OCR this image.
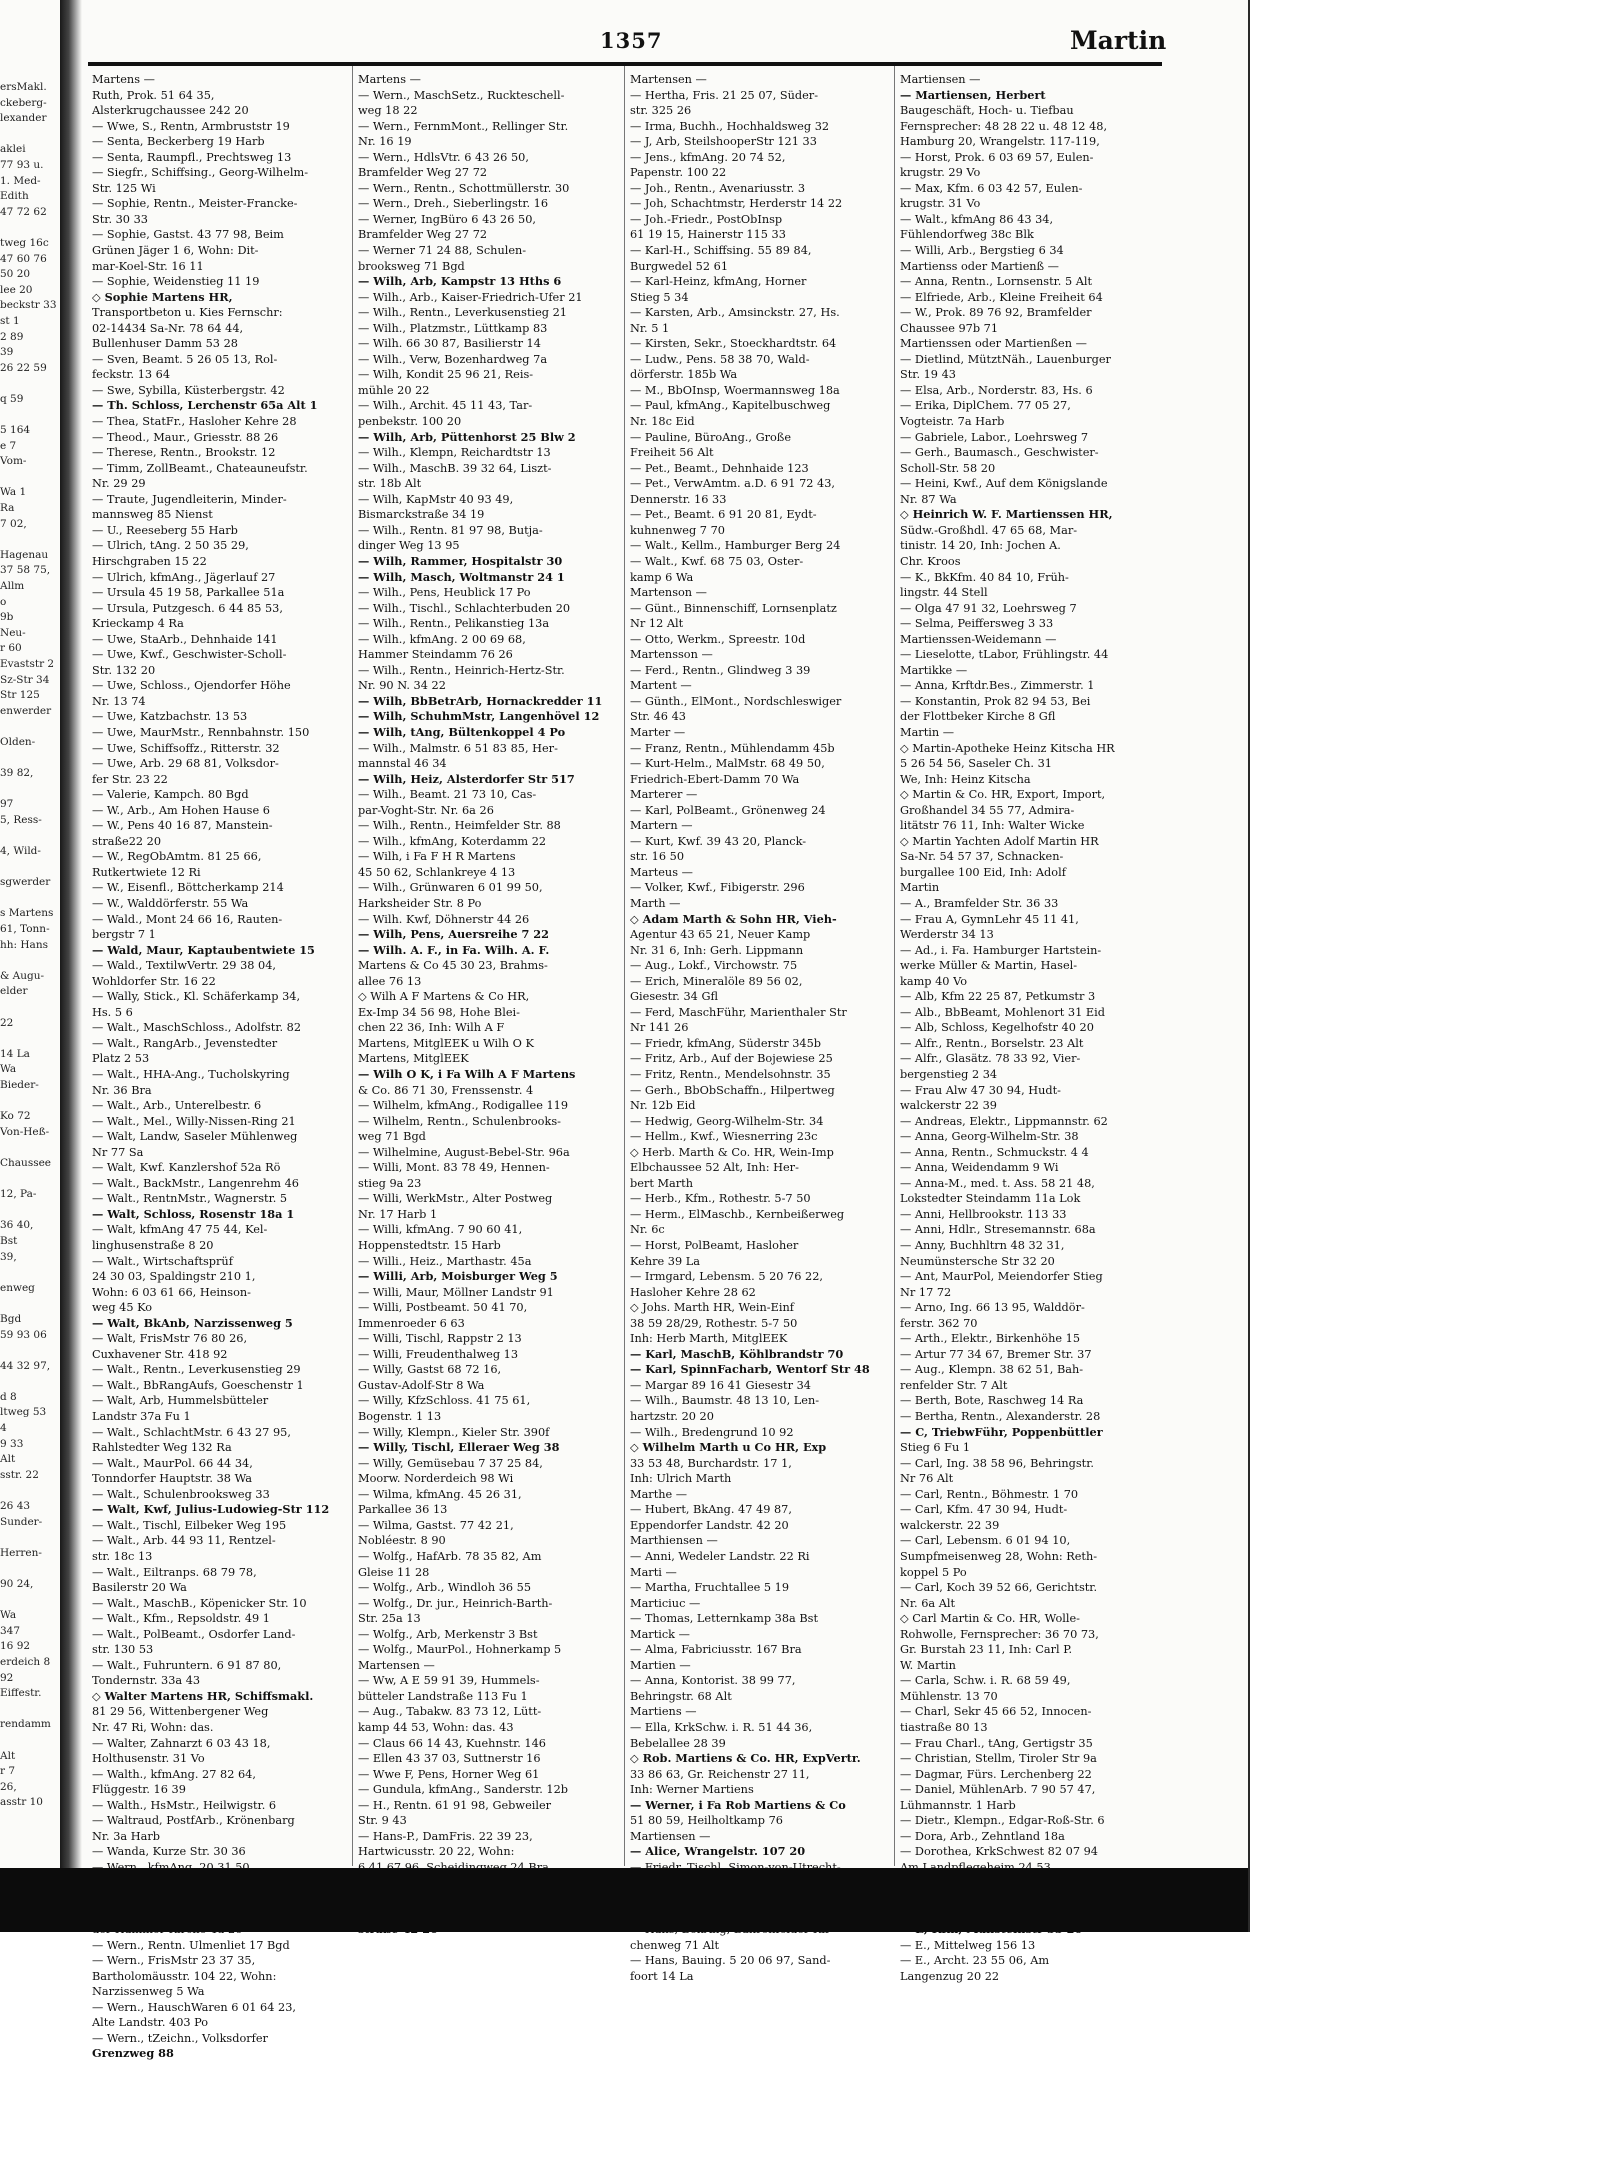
ersMakl.
ckeberg-
lexander

aklei
77 93 u.
1. Med-
Edith
47 72 62

tweg 16c
47 60 76
50 20
lee 20
beckstr 33
st 1
2 89
39
26 22 59

q 59

5 164
e 7
Vom-

Wa 1
Ra
7 02,

Hagenau
37 58 75,
Allm
o
9b
Neu-
r 60
Evaststr 2
Sz-Str 34
Str 125
enwerder

Olden-

39 82,

97
5, Ress-

4, Wild-

sgwerder

s Martens
61, Tonn-
hh: Hans

& Augu-
elder

22

14 La
Wa
Bieder-

Ko 72
Von-Heß-

Chaussee

12, Pa-

36 40,
Bst
39,

enweg

Bgd
59 93 06

44 32 97,

d 8
ltweg 53
4
9 33
Alt
sstr. 22

26 43
Sunder-

Herren-

90 24,

Wa
347
16 92
erdeich 8
92
Eiffestr.

rendamm

Alt
r 7
26,
asstr 10
1357	Martin
Martens —
Ruth, Prok. 51 64 35,
Alsterkrugchaussee 242 20
— Wwe, S., Rentn, Armbruststr 19
— Senta, Beckerberg 19 Harb
— Senta, Raumpfl., Prechtsweg 13
— Siegfr., Schiffsing., Georg-Wilhelm-
Str. 125 Wi
— Sophie, Rentn., Meister-Francke-
Str. 30 33
— Sophie, Gastst. 43 77 98, Beim
Grünen Jäger 1 6, Wohn: Dit-
mar-Koel-Str. 16 11
— Sophie, Weidenstieg 11 19
◇ Sophie Martens HR,
Transportbeton u. Kies Fernschr:
02-14434 Sa-Nr. 78 64 44,
Bullenhuser Damm 53 28
— Sven, Beamt. 5 26 05 13, Rol-
feckstr. 13 64
— Swe, Sybilla, Küsterbergstr. 42
— Th. Schloss, Lerchenstr 65a Alt 1
— Thea, StatFr., Hasloher Kehre 28
— Theod., Maur., Griesstr. 88 26
— Therese, Rentn., Brookstr. 12
— Timm, ZollBeamt., Chateauneufstr.
Nr. 29 29
— Traute, Jugendleiterin, Minder-
mannsweg 85 Nienst
— U., Reeseberg 55 Harb
— Ulrich, tAng. 2 50 35 29,
Hirschgraben 15 22
— Ulrich, kfmAng., Jägerlauf 27
— Ursula 45 19 58, Parkallee 51a
— Ursula, Putzgesch. 6 44 85 53,
Krieckamp 4 Ra
— Uwe, StaArb., Dehnhaide 141
— Uwe, Kwf., Geschwister-Scholl-
Str. 132 20
— Uwe, Schloss., Ojendorfer Höhe
Nr. 13 74
— Uwe, Katzbachstr. 13 53
— Uwe, MaurMstr., Rennbahnstr. 150
— Uwe, Schiffsoffz., Ritterstr. 32
— Uwe, Arb. 29 68 81, Volksdor-
fer Str. 23 22
— Valerie, Kampch. 80 Bgd
— W., Arb., Am Hohen Hause 6
— W., Pens 40 16 87, Manstein-
straße22 20
— W., RegObAmtm. 81 25 66,
Rutkertwiete 12 Ri
— W., Eisenfl., Böttcherkamp 214
— W., Walddörferstr. 55 Wa
— Wald., Mont 24 66 16, Rauten-
bergstr 7 1
— Wald, Maur, Kaptaubentwiete 15
— Wald., TextilwVertr. 29 38 04,
Wohldorfer Str. 16 22
— Wally, Stick., Kl. Schäferkamp 34,
Hs. 5 6
— Walt., MaschSchloss., Adolfstr. 82
— Walt., RangArb., Jevenstedter
Platz 2 53
— Walt., HHA-Ang., Tucholskyring
Nr. 36 Bra
— Walt., Arb., Unterelbestr. 6
— Walt., Mel., Willy-Nissen-Ring 21
— Walt, Landw, Saseler Mühlenweg
Nr 77 Sa
— Walt, Kwf. Kanzlershof 52a Rö
— Walt., BackMstr., Langenrehm 46
— Walt., RentnMstr., Wagnerstr. 5
— Walt, Schloss, Rosenstr 18a 1
— Walt, kfmAng 47 75 44, Kel-
linghusenstraße 8 20
— Walt., Wirtschaftsprüf
24 30 03, Spaldingstr 210 1,
Wohn: 6 03 61 66, Heinson-
weg 45 Ko
— Walt, BkAnb, Narzissenweg 5
— Walt, FrisMstr 76 80 26,
Cuxhavener Str. 418 92
— Walt., Rentn., Leverkusenstieg 29
— Walt., BbRangAufs, Goeschenstr 1
— Walt, Arb, Hummelsbütteler
Landstr 37a Fu 1
— Walt., SchlachtMstr. 6 43 27 95,
Rahlstedter Weg 132 Ra
— Walt., MaurPol. 66 44 34,
Tonndorfer Hauptstr. 38 Wa
— Walt., Schulenbrooksweg 33
— Walt, Kwf, Julius-Ludowieg-Str 112
— Walt., Tischl, Eilbeker Weg 195
— Walt., Arb. 44 93 11, Rentzel-
str. 18c 13
— Walt., Eiltranps. 68 79 78,
Basilerstr 20 Wa
— Walt., MaschB., Köpenicker Str. 10
— Walt., Kfm., Repsoldstr. 49 1
— Walt., PolBeamt., Osdorfer Land-
str. 130 53
— Walt., Fuhruntern. 6 91 87 80,
Tondernstr. 33a 43
◇ Walter Martens HR, Schiffsmakl.
81 29 56, Wittenbergener Weg
Nr. 47 Ri, Wohn: das.
— Walter, Zahnarzt 6 03 43 18,
Holthusenstr. 31 Vo
— Walth., kfmAng. 27 82 64,
Flüggestr. 16 39
— Walth., HsMstr., Heilwigstr. 6
— Waltraud, PostfArb., Krönenbarg
Nr. 3a Harb
— Wanda, Kurze Str. 30 36
— Wern., Rentn. Ulmenliet 17 Bgd
— Wern., FrisMstr 23 37 35,
Bartholomäusstr. 104 22, Wohn:
Narzissenweg 5 Wa
— Wern., HauschWaren 6 01 64 23,
Alte Landstr. 403 Po
— Wern., tZeichn., Volksdorfer
Grenzweg 88
Martens —
— Wern., MaschSetz., Ruckteschell-
weg 18 22
— Wern., FernmMont., Rellinger Str.
Nr. 16 19
— Wern., HdlsVtr. 6 43 26 50,
Bramfelder Weg 27 72
— Wern., Rentn., Schottmüllerstr. 30
— Wern., Dreh., Sieberlingstr. 16
— Werner, IngBüro 6 43 26 50,
Bramfelder Weg 27 72
— Werner 71 24 88, Schulen-
brooksweg 71 Bgd
— Wilh, Arb, Kampstr 13 Hths 6
— Wilh., Arb., Kaiser-Friedrich-Ufer 21
— Wilh., Rentn., Leverkusenstieg 21
— Wilh., Platzmstr., Lüttkamp 83
— Wilh. 66 30 87, Basilierstr 14
— Wilh., Verw, Bozenhardweg 7a
— Wilh, Kondit 25 96 21, Reis-
mühle 20 22
— Wilh., Archit. 45 11 43, Tar-
penbekstr. 100 20
— Wilh, Arb, Püttenhorst 25 Blw 2
— Wilh., Klempn, Reichardtstr 13
— Wilh., MaschB. 39 32 64, Liszt-
str. 18b Alt
— Wilh, KapMstr 40 93 49,
Bismarckstraße 34 19
— Wilh., Rentn. 81 97 98, Butja-
dinger Weg 13 95
— Wilh, Rammer, Hospitalstr 30
— Wilh, Masch, Woltmanstr 24 1
— Wilh., Pens, Heublick 17 Po
— Wilh., Tischl., Schlachterbuden 20
— Wilh., Rentn., Pelikanstieg 13a
— Wilh., kfmAng. 2 00 69 68,
Hammer Steindamm 76 26
— Wilh., Rentn., Heinrich-Hertz-Str.
Nr. 90 N. 34 22
— Wilh, BbBetrArb, Hornackredder 11
— Wilh, SchuhmMstr, Langenhövel 12
— Wilh, tAng, Bültenkoppel 4 Po
— Wilh., Malmstr. 6 51 83 85, Her-
mannstal 46 34
— Wilh, Heiz, Alsterdorfer Str 517
— Wilh., Beamt. 21 73 10, Cas-
par-Voght-Str. Nr. 6a 26
— Wilh., Rentn., Heimfelder Str. 88
— Wilh., kfmAng, Koterdamm 22
— Wilh, i Fa F H R Martens
45 50 62, Schlankreye 4 13
— Wilh., Grünwaren 6 01 99 50,
Harksheider Str. 8 Po
— Wilh. Kwf, Döhnerstr 44 26
— Wilh, Pens, Auersreihe 7 22
— Wilh. A. F., in Fa. Wilh. A. F.
Martens & Co 45 30 23, Brahms-
allee 76 13
◇ Wilh A F Martens & Co HR,
Ex-Imp 34 56 98, Hohe Blei-
chen 22 36, Inh: Wilh A F
Martens, MitglEEK u Wilh O K
Martens, MitglEEK
— Wilh O K, i Fa Wilh A F Martens
& Co. 86 71 30, Frenssenstr. 4
— Wilhelm, kfmAng., Rodigallee 119
— Wilhelm, Rentn., Schulenbrooks-
weg 71 Bgd
— Wilhelmine, August-Bebel-Str. 96a
— Willi, Mont. 83 78 49, Hennen-
stieg 9a 23
— Willi, WerkMstr., Alter Postweg
Nr. 17 Harb 1
— Willi, kfmAng. 7 90 60 41,
Hoppenstedtstr. 15 Harb
— Willi., Heiz., Marthastr. 45a
— Willi, Arb, Moisburger Weg 5
— Willi, Maur, Möllner Landstr 91
— Willi, Postbeamt. 50 41 70,
Immenroeder 6 63
— Willi, Tischl, Rappstr 2 13
— Willi, Freudenthalweg 13
— Willy, Gastst 68 72 16,
Gustav-Adolf-Str 8 Wa
— Willy, KfzSchloss. 41 75 61,
Bogenstr. 1 13
— Willy, Klempn., Kieler Str. 390f
— Willy, Tischl, Elleraer Weg 38
— Willy, Gemüsebau 7 37 25 84,
Moorw. Norderdeich 98 Wi
— Wilma, kfmAng. 45 26 31,
Parkallee 36 13
— Wilma, Gastst. 77 42 21,
Nobléestr. 8 90
— Wolfg., HafArb. 78 35 82, Am
Gleise 11 28
— Wolfg., Arb., Windloh 36 55
— Wolfg., Dr. jur., Heinrich-Barth-
Str. 25a 13
— Wolfg., Arb, Merkenstr 3 Bst
— Wolfg., MaurPol., Hohnerkamp 5
Martensen —
— Ww, A E 59 91 39, Hummels-
bütteler Landstraße 113 Fu 1
— Aug., Tabakw. 83 73 12, Lütt-
kamp 44 53, Wohn: das. 43
— Claus 66 14 43, Kuehnstr. 146
— Ellen 43 37 03, Suttnerstr 16
— Wwe F, Pens, Horner Weg 61
— Gundula, kfmAng., Sanderstr. 12b
— H., Rentn. 61 91 98, Gebweiler
Str. 9 43
— Hans-P., DamFris. 22 39 23,
Hartwicusstr. 20 22, Wohn:
Martensen —
— Hertha, Fris. 21 25 07, Süder-
str. 325 26
— Irma, Buchh., Hochhaldsweg 32
— J, Arb, SteilshooperStr 121 33
— Jens., kfmAng. 20 74 52,
Papenstr. 100 22
— Joh., Rentn., Avenariusstr. 3
— Joh, Schachtmstr, Herderstr 14 22
— Joh.-Friedr., PostObInsp
61 19 15, Hainerstr 115 33
— Karl-H., Schiffsing. 55 89 84,
Burgwedel 52 61
— Karl-Heinz, kfmAng, Horner
Stieg 5 34
— Karsten, Arb., Amsinckstr. 27, Hs.
Nr. 5 1
— Kirsten, Sekr., Stoeckhardtstr. 64
— Ludw., Pens. 58 38 70, Wald-
dörferstr. 185b Wa
— M., BbOInsp, Woermannsweg 18a
— Paul, kfmAng., Kapitelbuschweg
Nr. 18c Eid
— Pauline, BüroAng., Große
Freiheit 56 Alt
— Pet., Beamt., Dehnhaide 123
— Pet., VerwAmtm. a.D. 6 91 72 43,
Dennerstr. 16 33
— Pet., Beamt. 6 91 20 81, Eydt-
kuhnenweg 7 70
— Walt., Kellm., Hamburger Berg 24
— Walt., Kwf. 68 75 03, Oster-
kamp 6 Wa
Martenson —
— Günt., Binnenschiff, Lornsenplatz
Nr 12 Alt
— Otto, Werkm., Spreestr. 10d
Martensson —
— Ferd., Rentn., Glindweg 3 39
Martent —
— Günth., ElMont., Nordschleswiger
Str. 46 43
Marter —
— Franz, Rentn., Mühlendamm 45b
— Kurt-Helm., MalMstr. 68 49 50,
Friedrich-Ebert-Damm 70 Wa
Marterer —
— Karl, PolBeamt., Grönenweg 24
Martern —
— Kurt, Kwf. 39 43 20, Planck-
str. 16 50
Marteus —
— Volker, Kwf., Fibigerstr. 296
Marth —
◇ Adam Marth & Sohn HR, Vieh-
Agentur 43 65 21, Neuer Kamp
Nr. 31 6, Inh: Gerh. Lippmann
— Aug., Lokf., Virchowstr. 75
— Erich, Mineralöle 89 56 02,
Giesestr. 34 Gfl
— Ferd, MaschFühr, Marienthaler Str
Nr 141 26
— Friedr, kfmAng, Süderstr 345b
— Fritz, Arb., Auf der Bojewiese 25
— Fritz, Rentn., Mendelsohnstr. 35
— Gerh., BbObSchaffn., Hilpertweg
Nr. 12b Eid
— Hedwig, Georg-Wilhelm-Str. 34
— Hellm., Kwf., Wiesnerring 23c
◇ Herb. Marth & Co. HR, Wein-Imp
Elbchaussee 52 Alt, Inh: Her-
bert Marth
— Herb., Kfm., Rothestr. 5-7 50
— Herm., ElMaschb., Kernbeißerweg
Nr. 6c
— Horst, PolBeamt, Hasloher
Kehre 39 La
— Irmgard, Lebensm. 5 20 76 22,
Hasloher Kehre 28 62
◇ Johs. Marth HR, Wein-Einf
38 59 28/29, Rothestr. 5-7 50
Inh: Herb Marth, MitglEEK
— Karl, MaschB, Köhlbrandstr 70
— Karl, SpinnFacharb, Wentorf Str 48
— Margar 89 16 41 Giesestr 34
— Wilh., Baumstr. 48 13 10, Len-
hartzstr. 20 20
— Wilh., Bredengrund 10 92
◇ Wilhelm Marth u Co HR, Exp
33 53 48, Burchardstr. 17 1,
Inh: Ulrich Marth
Marthe —
— Hubert, BkAng. 47 49 87,
Eppendorfer Landstr. 42 20
Marthiensen —
— Anni, Wedeler Landstr. 22 Ri
Marti —
— Martha, Fruchtallee 5 19
Marticiuc —
— Thomas, Letternkamp 38a Bst
Martick —
— Alma, Fabriciusstr. 167 Bra
Martien —
— Anna, Kontorist. 38 99 77,
Behringstr. 68 Alt
Martiens —
— Ella, KrkSchw. i. R. 51 44 36,
Bebelallee 28 39
◇ Rob. Martiens & Co. HR, ExpVertr.
33 86 63, Gr. Reichenstr 27 11,
Inh: Werner Martiens
— Werner, i Fa Rob Martiens & Co
51 80 59, Heilholtkamp 76
Martiensen —
— Alice, Wrangelstr. 107 20
chenweg 71 Alt
— Hans, Bauing. 5 20 06 97, Sand-
foort 14 La
Martiensen —
— Martiensen, Herbert
Baugeschäft, Hoch- u. Tiefbau
Fernsprecher: 48 28 22 u. 48 12 48,
Hamburg 20, Wrangelstr. 117-119,
— Horst, Prok. 6 03 69 57, Eulen-
krugstr. 29 Vo
— Max, Kfm. 6 03 42 57, Eulen-
krugstr. 31 Vo
— Walt., kfmAng 86 43 34,
Fühlendorfweg 38c Blk
— Willi, Arb., Bergstieg 6 34
Martienss oder Martienß —
— Anna, Rentn., Lornsenstr. 5 Alt
— Elfriede, Arb., Kleine Freiheit 64
— W., Prok. 89 76 92, Bramfelder
Chaussee 97b 71
Martienssen oder Martienßen —
— Dietlind, MütztNäh., Lauenburger
Str. 19 43
— Elsa, Arb., Norderstr. 83, Hs. 6
— Erika, DiplChem. 77 05 27,
Vogteistr. 7a Harb
— Gabriele, Labor., Loehrsweg 7
— Gerh., Baumasch., Geschwister-
Scholl-Str. 58 20
— Heini, Kwf., Auf dem Königslande
Nr. 87 Wa
◇ Heinrich W. F. Martienssen HR,
Südw.-Großhdl. 47 65 68, Mar-
tinistr. 14 20, Inh: Jochen A.
Chr. Kroos
— K., BkKfm. 40 84 10, Früh-
lingstr. 44 Stell
— Olga 47 91 32, Loehrsweg 7
— Selma, Peiffersweg 3 33
Martienssen-Weidemann —
— Lieselotte, tLabor, Frühlingstr. 44
Martikke —
— Anna, Krftdr.Bes., Zimmerstr. 1
— Konstantin, Prok 82 94 53, Bei
der Flottbeker Kirche 8 Gfl
Martin —
◇ Martin-Apotheke Heinz Kitscha HR
5 26 54 56, Saseler Ch. 31
We, Inh: Heinz Kitscha
◇ Martin & Co. HR, Export, Import,
Großhandel 34 55 77, Admira-
litätstr 76 11, Inh: Walter Wicke
◇ Martin Yachten Adolf Martin HR
Sa-Nr. 54 57 37, Schnacken-
burgallee 100 Eid, Inh: Adolf
Martin
— A., Bramfelder Str. 36 33
— Frau A, GymnLehr 45 11 41,
Werderstr 34 13
— Ad., i. Fa. Hamburger Hartstein-
werke Müller & Martin, Hasel-
kamp 40 Vo
— Alb, Kfm 22 25 87, Petkumstr 3
— Alb., BbBeamt, Mohlenort 31 Eid
— Alb, Schloss, Kegelhofstr 40 20
— Alfr., Rentn., Borselstr. 23 Alt
— Alfr., Glasätz. 78 33 92, Vier-
bergenstieg 2 34
— Frau Alw 47 30 94, Hudt-
walckerstr 22 39
— Andreas, Elektr., Lippmannstr. 62
— Anna, Georg-Wilhelm-Str. 38
— Anna, Rentn., Schmuckstr. 4 4
— Anna, Weidendamm 9 Wi
— Anna-M., med. t. Ass. 58 21 48,
Lokstedter Steindamm 11a Lok
— Anni, Hellbrookstr. 113 33
— Anni, Hdlr., Stresemannstr. 68a
— Anny, Buchhltrn 48 32 31,
Neumünstersche Str 32 20
— Ant, MaurPol, Meiendorfer Stieg
Nr 17 72
— Arno, Ing. 66 13 95, Walddör-
ferstr. 362 70
— Arth., Elektr., Birkenhöhe 15
— Artur 77 34 67, Bremer Str. 37
— Aug., Klempn. 38 62 51, Bah-
renfelder Str. 7 Alt
— Berth, Bote, Raschweg 14 Ra
— Bertha, Rentn., Alexanderstr. 28
— C, TriebwFühr, Poppenbüttler
Stieg 6 Fu 1
— Carl, Ing. 38 58 96, Behringstr.
Nr 76 Alt
— Carl, Rentn., Böhmestr. 1 70
— Carl, Kfm. 47 30 94, Hudt-
walckerstr. 22 39
— Carl, Lebensm. 6 01 94 10,
Sumpfmeisenweg 28, Wohn: Reth-
koppel 5 Po
— Carl, Koch 39 52 66, Gerichtstr.
Nr. 6a Alt
◇ Carl Martin & Co. HR, Wolle-
Rohwolle, Fernsprecher: 36 70 73,
Gr. Burstah 23 11, Inh: Carl P.
W. Martin
— Carla, Schw. i. R. 68 59 49,
Mühlenstr. 13 70
— Charl, Sekr 45 66 52, Innocen-
tiastraße 80 13
— Frau Charl., tAng, Gertigstr 35
— Christian, Stellm, Tiroler Str 9a
— Dagmar, Fürs. Lerchenberg 22
— Daniel, MühlenArb. 7 90 57 47,
Lühmannstr. 1 Harb
— Dietr., Klempn., Edgar-Roß-Str. 6
— Dora, Arb., Zehntland 18a
— Dorothea, KrkSchwest 82 07 94
— E., Mittelweg 156 13
— E., Archt. 23 55 06, Am
Langenzug 20 22
